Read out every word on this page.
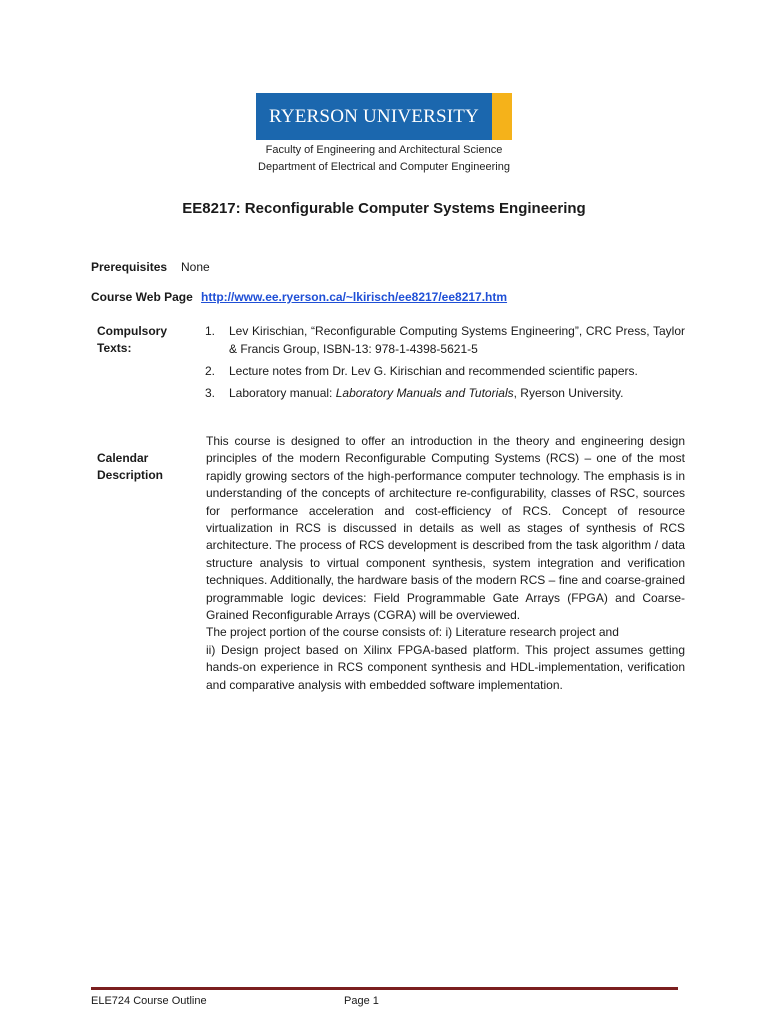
RYERSON UNIVERSITY
Faculty of Engineering and Architectural Science
Department of Electrical and Computer Engineering
EE8217: Reconfigurable Computer Systems Engineering
Prerequisites None
Course Web Page http://www.ee.ryerson.ca/~lkirisch/ee8217/ee8217.htm
Compulsory
Texts:
1.	Lev Kirischian, “Reconfigurable Computing Systems Engineering”, CRC Press, Taylor & Francis Group, ISBN-13: 978-1-4398-5621-5
2.	Lecture notes from Dr. Lev G. Kirischian and recommended scientific papers.
3.	Laboratory manual: Laboratory Manuals and Tutorials, Ryerson University.
Calendar
Description

This course is designed to offer an introduction in the theory and engineering design principles of the modern Reconfigurable Computing Systems (RCS) – one of the most rapidly growing sectors of the high-performance computer technology. The emphasis is in understanding of the concepts of architecture re-configurability, classes of RSC, sources for performance acceleration and cost-efficiency of RCS. Concept of resource virtualization in RCS is discussed in details as well as stages of synthesis of RCS architecture. The process of RCS development is described from the task algorithm / data structure analysis to virtual component synthesis, system integration and verification techniques. Additionally, the hardware basis of the modern RCS – fine and coarse-grained programmable logic devices: Field Programmable Gate Arrays (FPGA) and Coarse-Grained Reconfigurable Arrays (CGRA) will be overviewed.

The project portion of the course consists of: i) Literature research project and

ii) Design project based on Xilinx FPGA-based platform. This project assumes getting hands-on experience in RCS component synthesis and HDL-implementation, verification and comparative analysis with embedded software implementation.

ELE724 Course Outline	Page 1
